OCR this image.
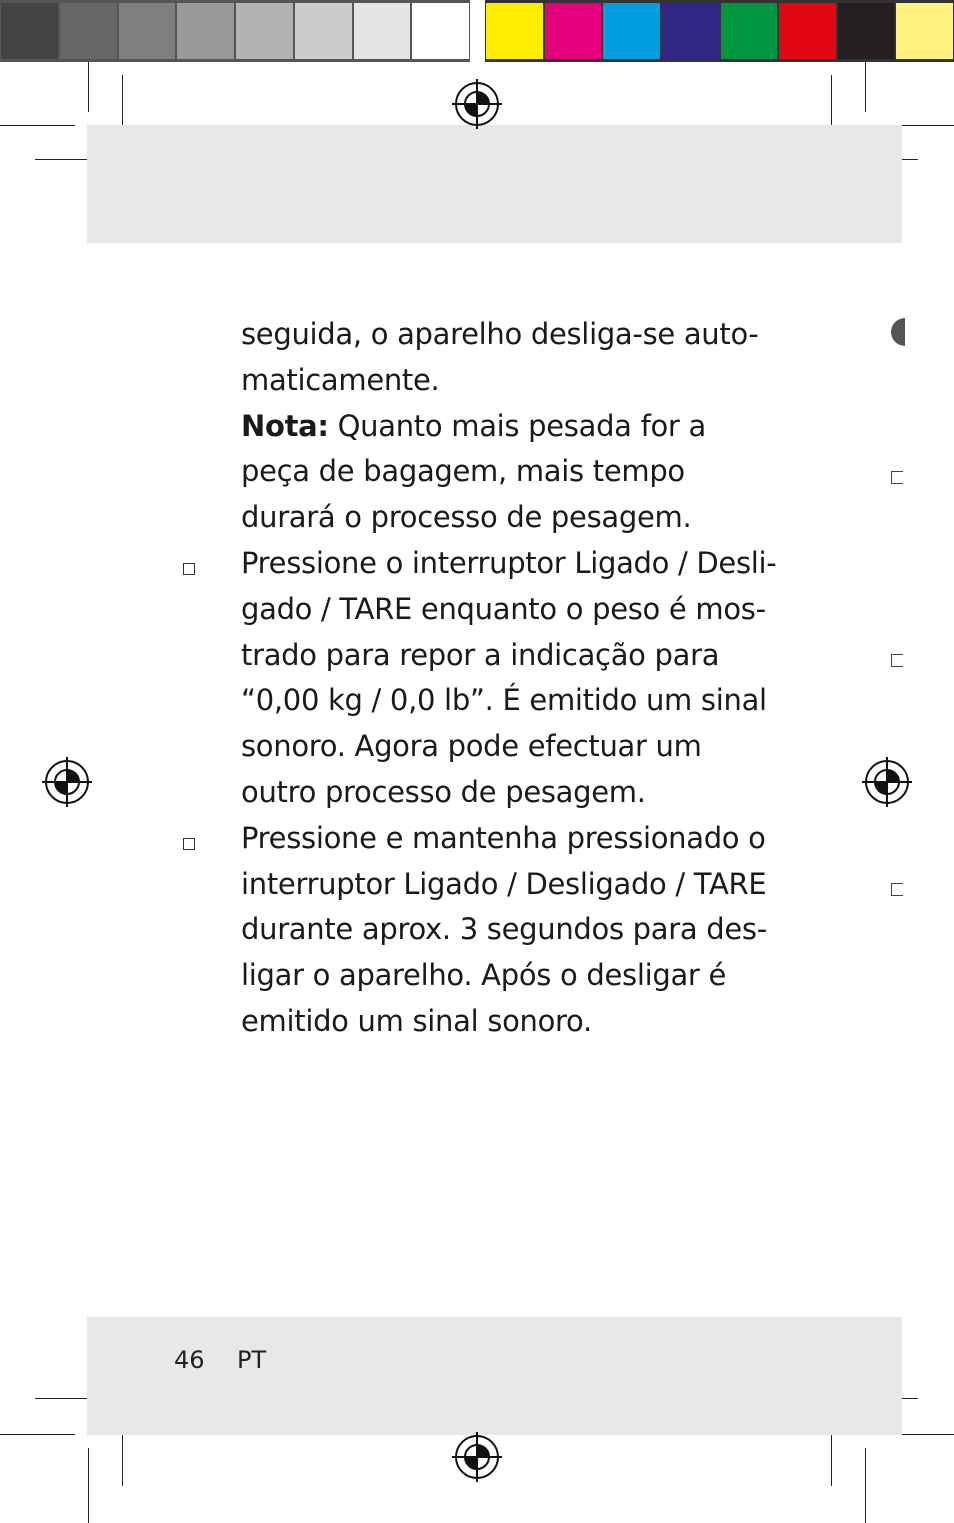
seguida, o aparelho desliga-se auto-
maticamente.
Nota: Quanto mais pesada for a
peça de bagagem, mais tempo
durará o processo de pesagem.
Pressione o interruptor Ligado / Desli-
gado / TARE enquanto o peso é mos-
trado para repor a indicação para
“0,00 kg / 0,0 lb”. É emitido um sinal
sonoro. Agora pode efectuar um
outro processo de pesagem.
Pressione e mantenha pressionado o
interruptor Ligado / Desligado / TARE
durante aprox. 3 segundos para des-
ligar o aparelho. Após o desligar é
emitido um sinal sonoro.
46 PT
